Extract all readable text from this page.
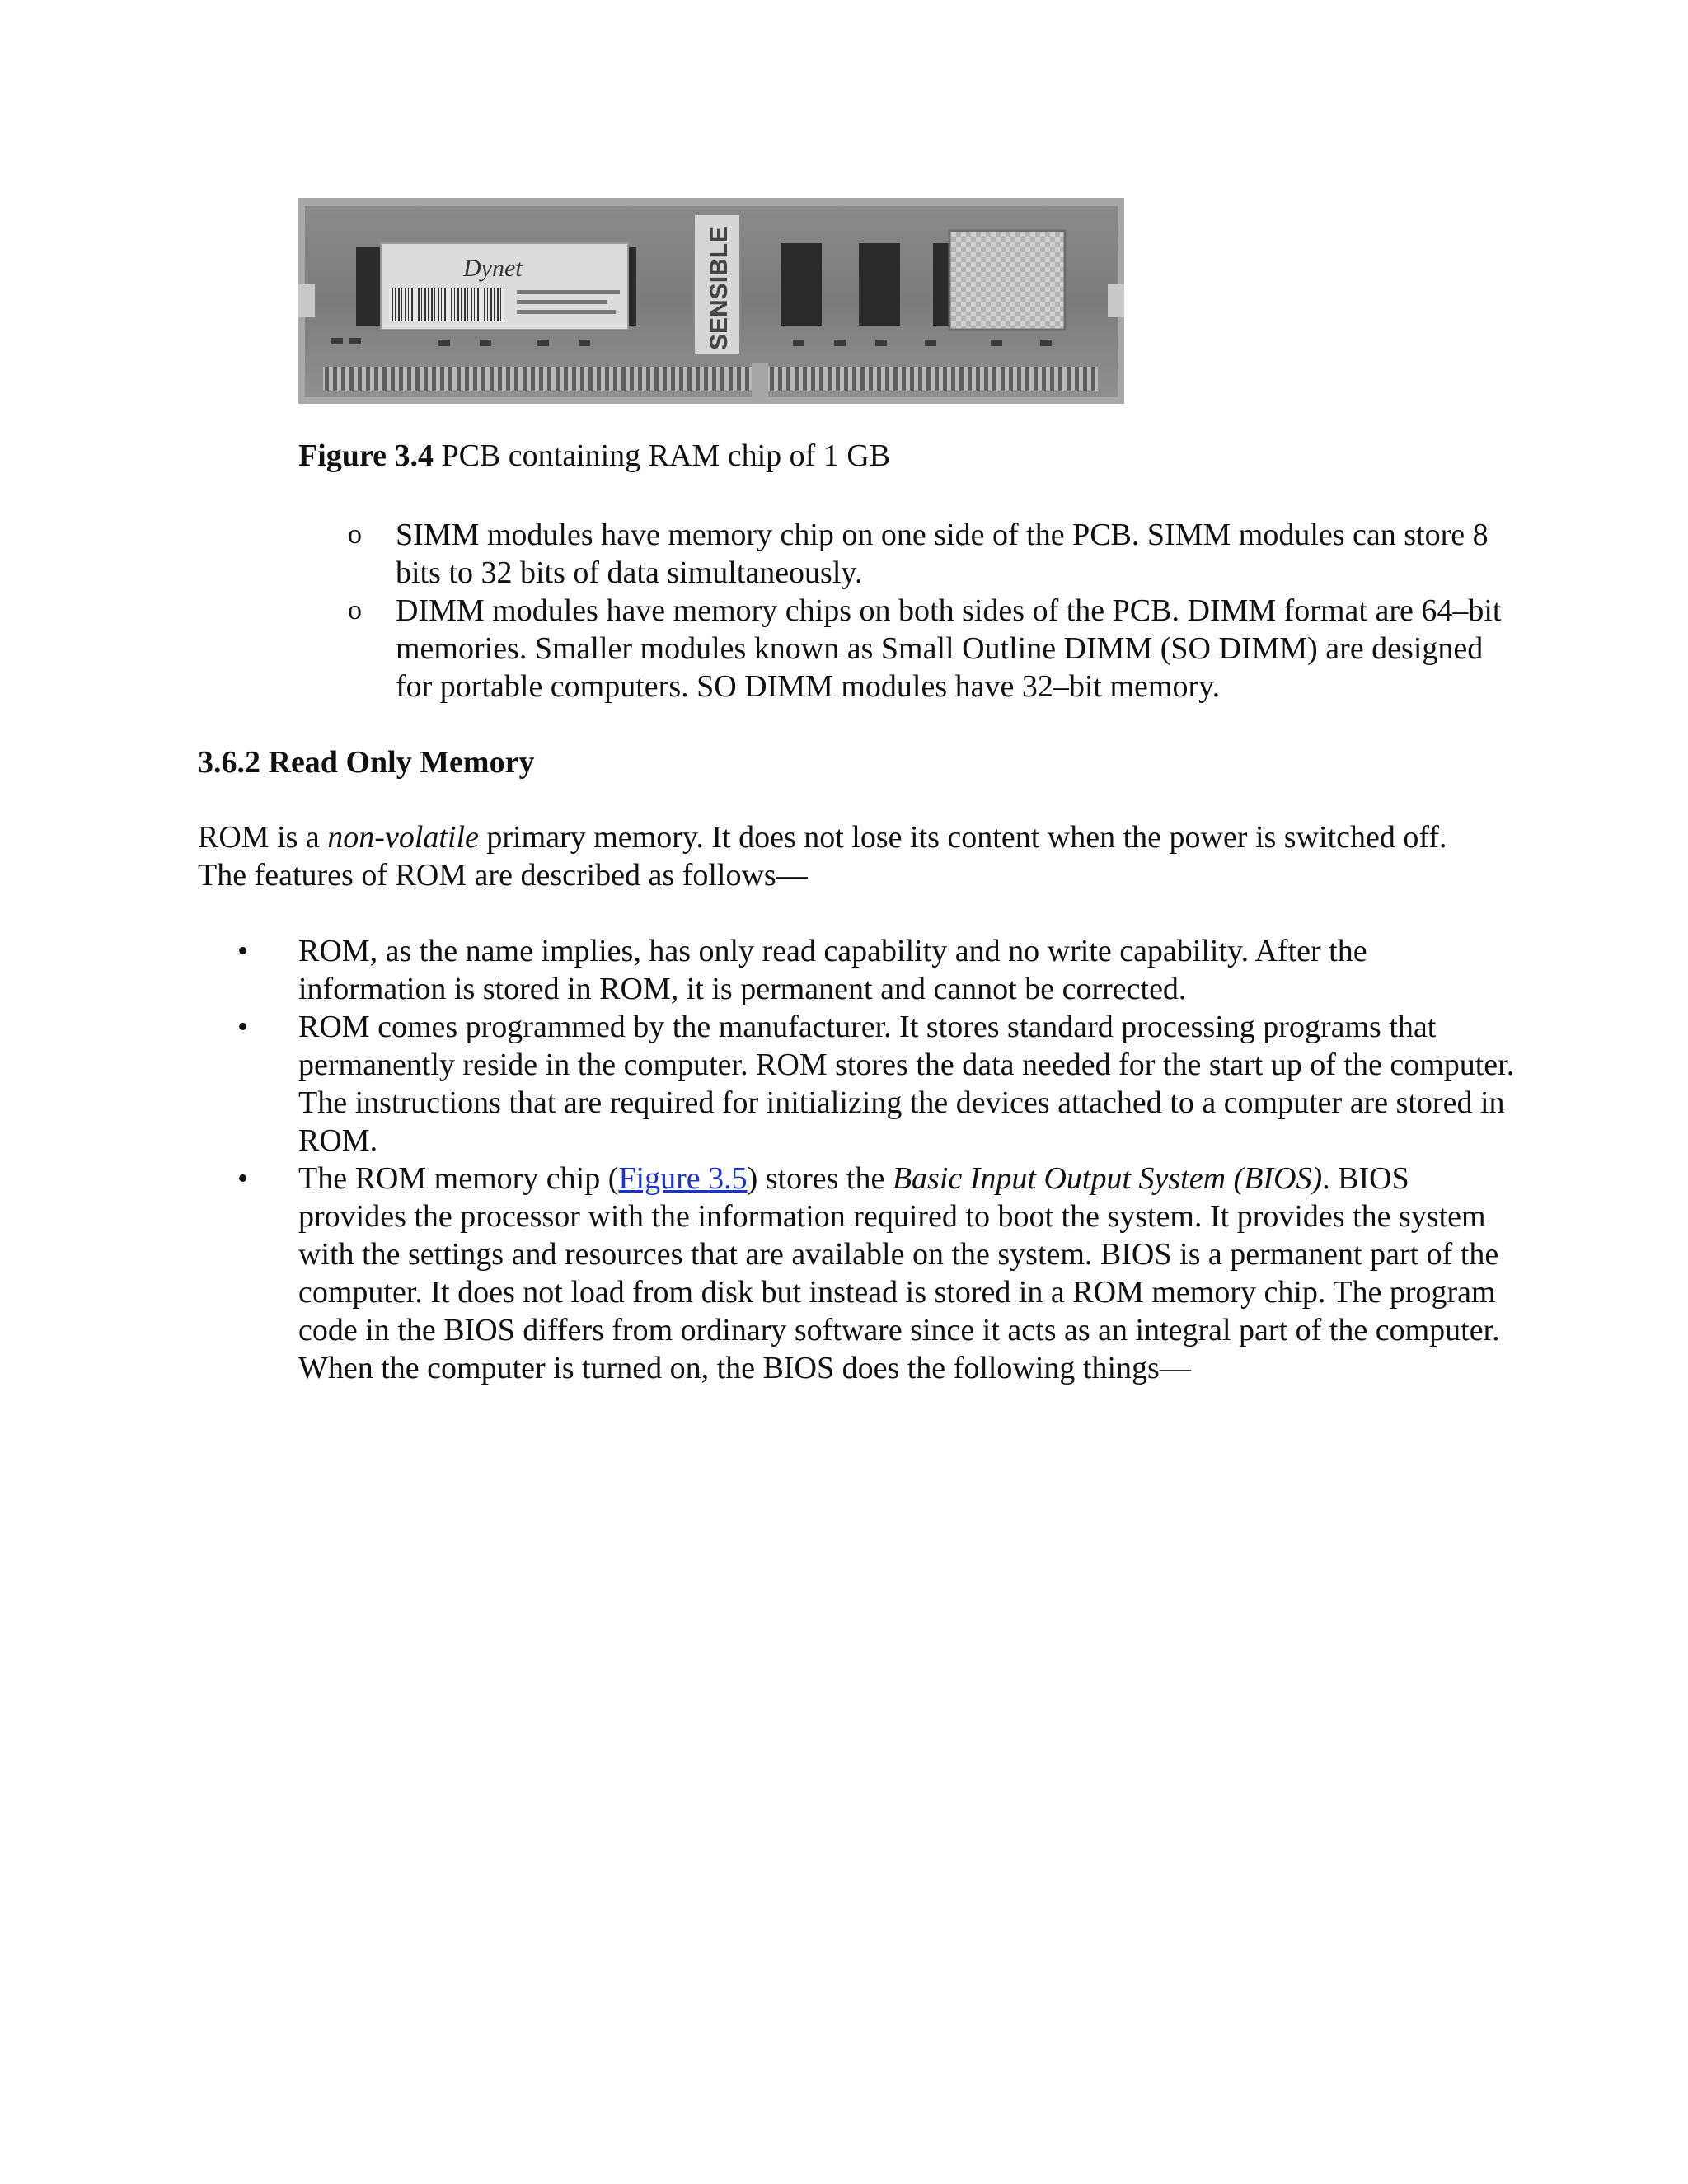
Dynet	SENSIBLE
Figure 3.4 PCB containing RAM chip of 1 GB
o SIMM modules have memory chip on one side of the PCB. SIMM modules can store 8 bits to 32 bits of data simultaneously.
o DIMM modules have memory chips on both sides of the PCB. DIMM format are 64–bit memories. Smaller modules known as Small Outline DIMM (SO DIMM) are designed for portable computers. SO DIMM modules have 32–bit memory.
3.6.2 Read Only Memory

ROM is a non-volatile primary memory. It does not lose its content when the power is switched off. The features of ROM are described as follows—

• ROM, as the name implies, has only read capability and no write capability. After the information is stored in ROM, it is permanent and cannot be corrected.
• ROM comes programmed by the manufacturer. It stores standard processing programs that permanently reside in the computer. ROM stores the data needed for the start up of the computer. The instructions that are required for initializing the devices attached to a computer are stored in ROM.
• The ROM memory chip (Figure 3.5) stores the Basic Input Output System (BIOS). BIOS provides the processor with the information required to boot the system. It provides the system with the settings and resources that are available on the system. BIOS is a permanent part of the computer. It does not load from disk but instead is stored in a ROM memory chip. The program code in the BIOS differs from ordinary software since it acts as an integral part of the computer. When the computer is turned on, the BIOS does the following things—
